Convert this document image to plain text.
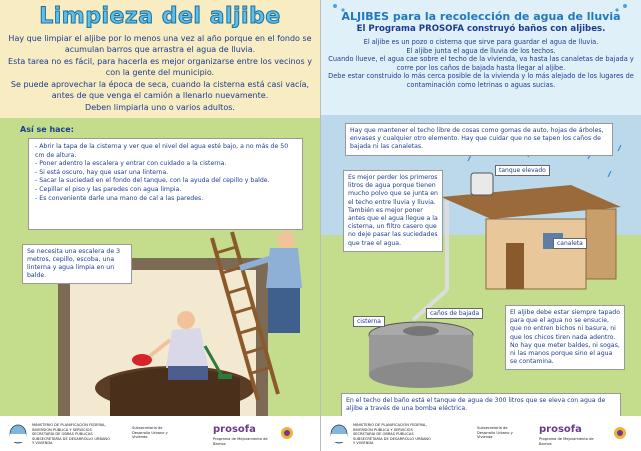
Limpieza del aljibe

Hay que limpiar el aljibe por lo menos una vez al año porque en el fondo se acumulan barros que arrastra el agua de lluvia.

Esta tarea no es fácil, para hacerla es mejor organizarse entre los vecinos y con la gente del municipio.

Se puede aprovechar la época de seca, cuando la cisterna está casi vacía, antes de que venga el camión a llenarlo nuevamente.

Deben limpiarla uno o varios adultos.

Así se hace:
- Abrir la tapa de la cisterna y ver que el nivel del agua esté bajo, a no más de 50 cm de altura.
- Poner adentro la escalera y entrar con cuidado a la cisterna.
- Si está oscuro, hay que usar una linterna.
- Sacar la suciedad en el fondo del tanque, con la ayuda del cepillo y balde.
- Cepillar el piso y las paredes con agua limpia.
- Es conveniente darle una mano de cal a las paredes.
Se necesita una escalera de 3 metros, cepillo, escoba, una linterna y agua limpia en un balde.
MINISTERIO DE PLANIFICACIÓN FEDERAL, INVERSIÓN PÚBLICA Y SERVICIOS
SECRETARÍA DE OBRAS PÚBLICAS
SUBSECRETARÍA DE DESARROLLO URBANO Y VIVIENDA
Subsecretaría de Desarrollo Urbano y Vivienda
prosofa
Programa de Mejoramiento de Barrios
ALJIBES para la recolección de agua de lluvia
El Programa PROSOFA construyó baños con aljibes.

El aljibe es un pozo o cisterna que sirve para guardar el agua de lluvia.

El aljibe junta el agua de lluvia de los techos.

Cuando llueve, el agua cae sobre el techo de la vivienda, va hasta las canaletas de bajada y corre por los caños de bajada hasta llegar al aljibe.

Debe estar construido lo más cerca posible de la vivienda y lo más alejado de los lugares de contaminación como letrinas o aguas sucias.

Hay que mantener el techo libre de cosas como gomas de auto, hojas de árboles, envases y cualquier otro elemento. Hay que cuidar que no se tapen los caños de bajada ni las canaletas.
Es mejor perder los primeros litros de agua porque tienen mucho polvo que se junta en el techo entre lluvia y lluvia. También es mejor poner antes que el agua llegue a la cisterna, un filtro casero que no deje pasar las suciedades que trae el agua.
tanque elevado
canaleta
caños de bajada
cisterna
El aljibe debe estar siempre tapado para que el agua no se ensucie, que no entren bichos ni basura, ni que los chicos tiren nada adentro. No hay que meter baldes, ni sogas, ni las manos porque sino el agua se contamina.
En el techo del baño está el tanque de agua de 300 litros que se eleva con agua de aljibe a través de una bomba eléctrica.
MINISTERIO DE PLANIFICACIÓN FEDERAL, INVERSIÓN PÚBLICA Y SERVICIOS
SECRETARÍA DE OBRAS PÚBLICAS
SUBSECRETARÍA DE DESARROLLO URBANO Y VIVIENDA
Subsecretaría de Desarrollo Urbano y Vivienda
prosofa
Programa de Mejoramiento de Barrios
